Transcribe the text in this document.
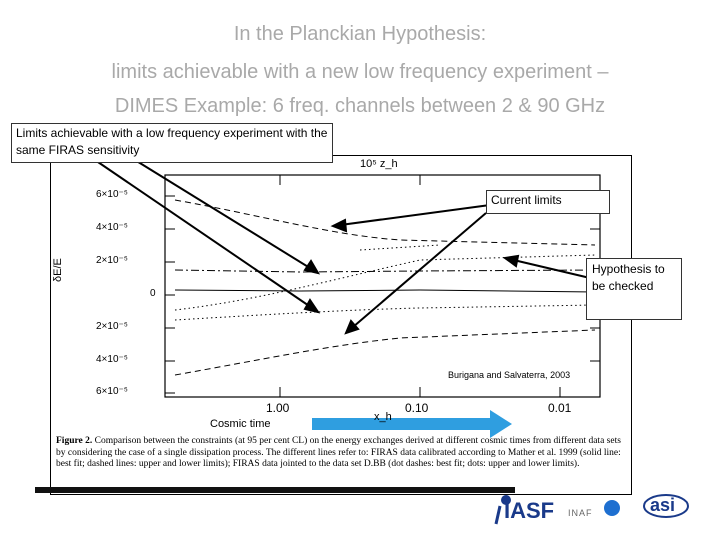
In the Planckian Hypothesis:
limits achievable with a new low frequency experiment –
DIMES Example: 6 freq. channels between 2 & 90 GHz
10⁵ z_h
δE/E
6×10⁻⁵
4×10⁻⁵
2×10⁻⁵
0
2×10⁻⁵
4×10⁻⁵
6×10⁻⁵
1.00	0.10	0.01
x_h
Burigana and Salvaterra, 2003
Cosmic time
Limits achievable with a low frequency experiment with the same FIRAS sensitivity
Current limits
Hypothesis to be checked
Figure 2. Comparison between the constraints (at 95 per cent CL) on the energy exchanges derived at different cosmic times from different data sets by considering the case of a single dissipation process. The different lines refer to: FIRAS data calibrated according to Mather et al. 1999 (solid line: best fit; dashed lines: upper and lower limits); FIRAS data jointed to the data set D.BB (dot dashes: best fit; dots: upper and lower limits).
IASF INAF	asi
